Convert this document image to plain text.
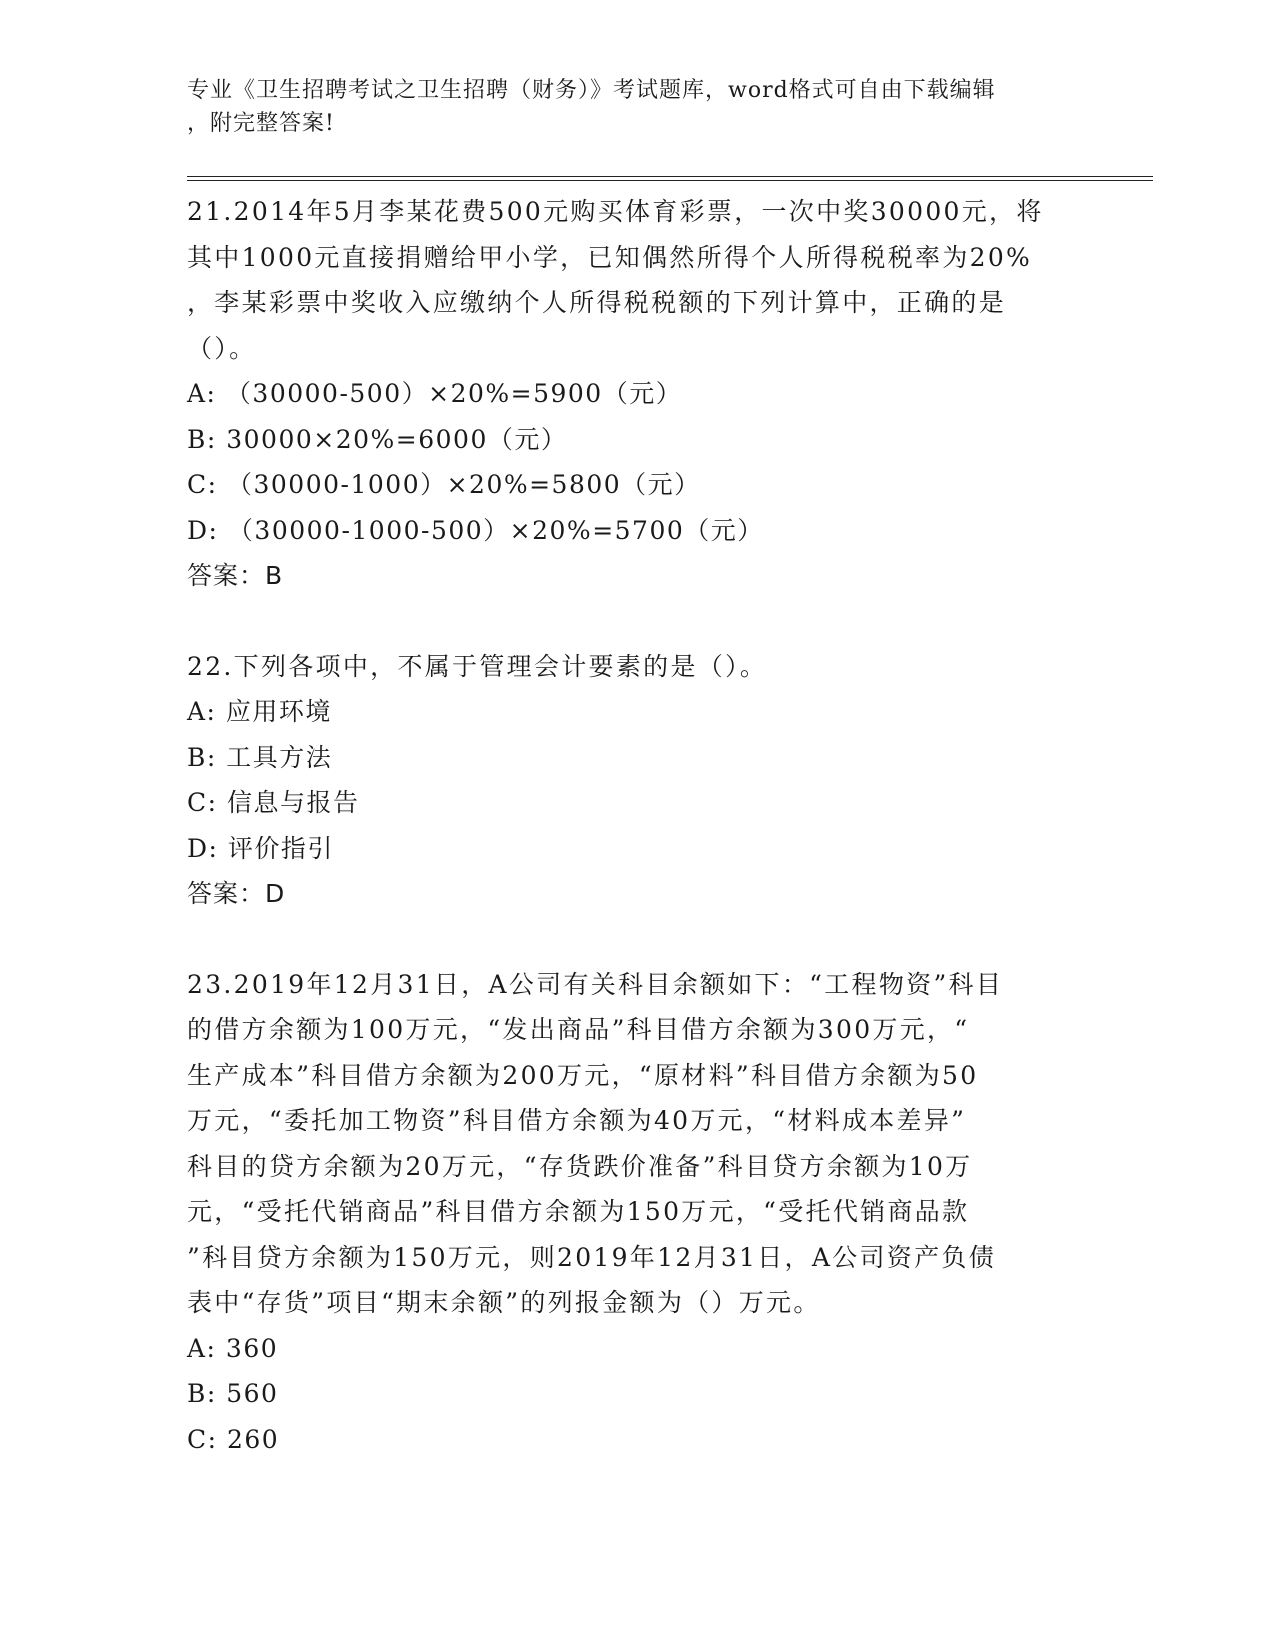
专业《卫生招聘考试之卫生招聘（财务）》考试题库，word格式可自由下载编辑
，附完整答案!
21.2014年5月李某花费500元购买体育彩票，一次中奖30000元，将
其中1000元直接捐赠给甲小学，已知偶然所得个人所得税税率为20%
，李某彩票中奖收入应缴纳个人所得税税额的下列计算中，正确的是
（）。
A: （30000-500）×20%=5900（元）
B: 30000×20%=6000（元）
C: （30000-1000）×20%=5800（元）
D: （30000-1000-500）×20%=5700（元）
答案：B
22.下列各项中，不属于管理会计要素的是（）。
A: 应用环境
B: 工具方法
C: 信息与报告
D: 评价指引
答案：D
23.2019年12月31日，A公司有关科目余额如下：“工程物资”科目
的借方余额为100万元，“发出商品”科目借方余额为300万元，“
生产成本”科目借方余额为200万元，“原材料”科目借方余额为50
万元，“委托加工物资”科目借方余额为40万元，“材料成本差异”
科目的贷方余额为20万元，“存货跌价准备”科目贷方余额为10万
元，“受托代销商品”科目借方余额为150万元，“受托代销商品款
”科目贷方余额为150万元，则2019年12月31日，A公司资产负债
表中“存货”项目“期末余额”的列报金额为（）万元。
A: 360
B: 560
C: 260
